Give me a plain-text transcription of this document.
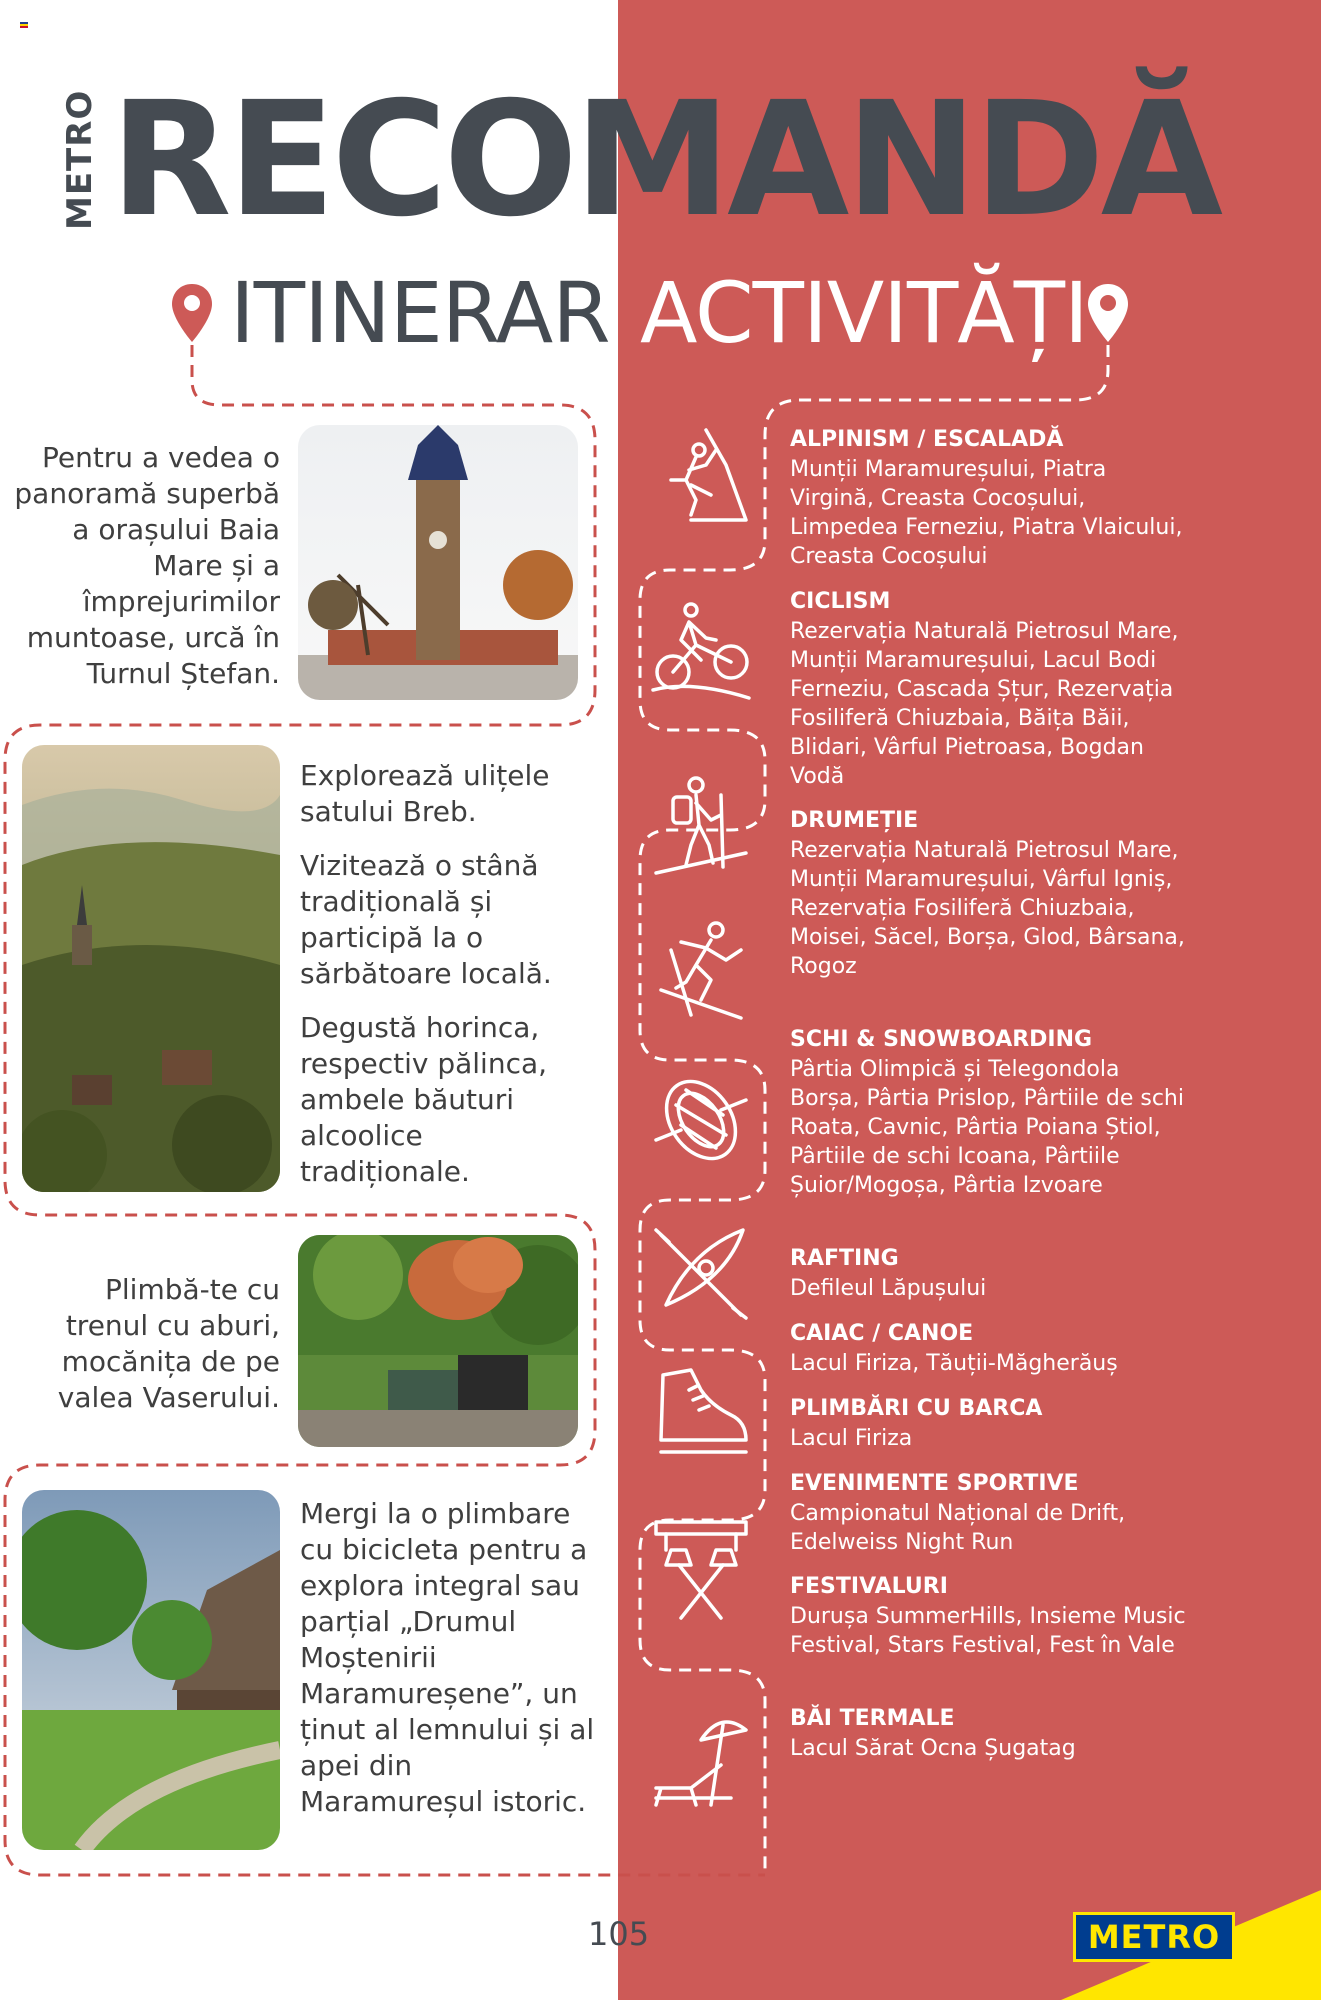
METRO RECOMANDĂ
ITINERAR ACTIVITĂȚI
Pentru a vedea o panoramă superbă a orașului Baia Mare și a împrejurimilor muntoase, urcă în Turnul Ștefan.
Explorează ulițele satului Breb.
Vizitează o stână tradițională și participă la o sărbătoare locală.
Degustă horinca, respectiv pălinca, ambele băuturi alcoolice tradiționale.
Plimbă-te cu trenul cu aburi, mocănița de pe valea Vaserului.
Mergi la o plimbare cu bicicleta pentru a explora integral sau parțial „Drumul Moștenirii Maramureșene”, un ținut al lemnului și al apei din Maramureșul istoric.
ALPINISM / ESCALADĂ
Munții Maramureșului, Piatra Virgină, Creasta Cocoșului, Limpedea Ferneziu, Piatra Vlaicului, Creasta Cocoșului
CICLISM
Rezervația Naturală Pietrosul Mare, Munții Maramureșului, Lacul Bodi Ferneziu, Cascada Șțur, Rezervația Fosiliferă Chiuzbaia, Băița Băii, Blidari, Vârful Pietroasa, Bogdan Vodă
DRUMEȚIE
Rezervația Naturală Pietrosul Mare, Munții Maramureșului, Vârful Igniș, Rezervația Fosiliferă Chiuzbaia, Moisei, Săcel, Borșa, Glod, Bârsana, Rogoz
SCHI & SNOWBOARDING
Pârtia Olimpică și Telegondola Borșa, Pârtia Prislop, Pârtiile de schi Roata, Cavnic, Pârtia Poiana Știol, Pârtiile de schi Icoana, Pârtiile Șuior/Mogoșa, Pârtia Izvoare
RAFTING
Defileul Lăpușului
CAIAC / CANOE
Lacul Firiza, Tăuții-Măgherăuș
PLIMBĂRI CU BARCA
Lacul Firiza
EVENIMENTE SPORTIVE
Campionatul Național de Drift, Edelweiss Night Run
FESTIVALURI
Durușa SummerHills, Insieme Music Festival, Stars Festival, Fest în Vale
BĂI TERMALE
Lacul Sărat Ocna Șugatag
105	METRO
